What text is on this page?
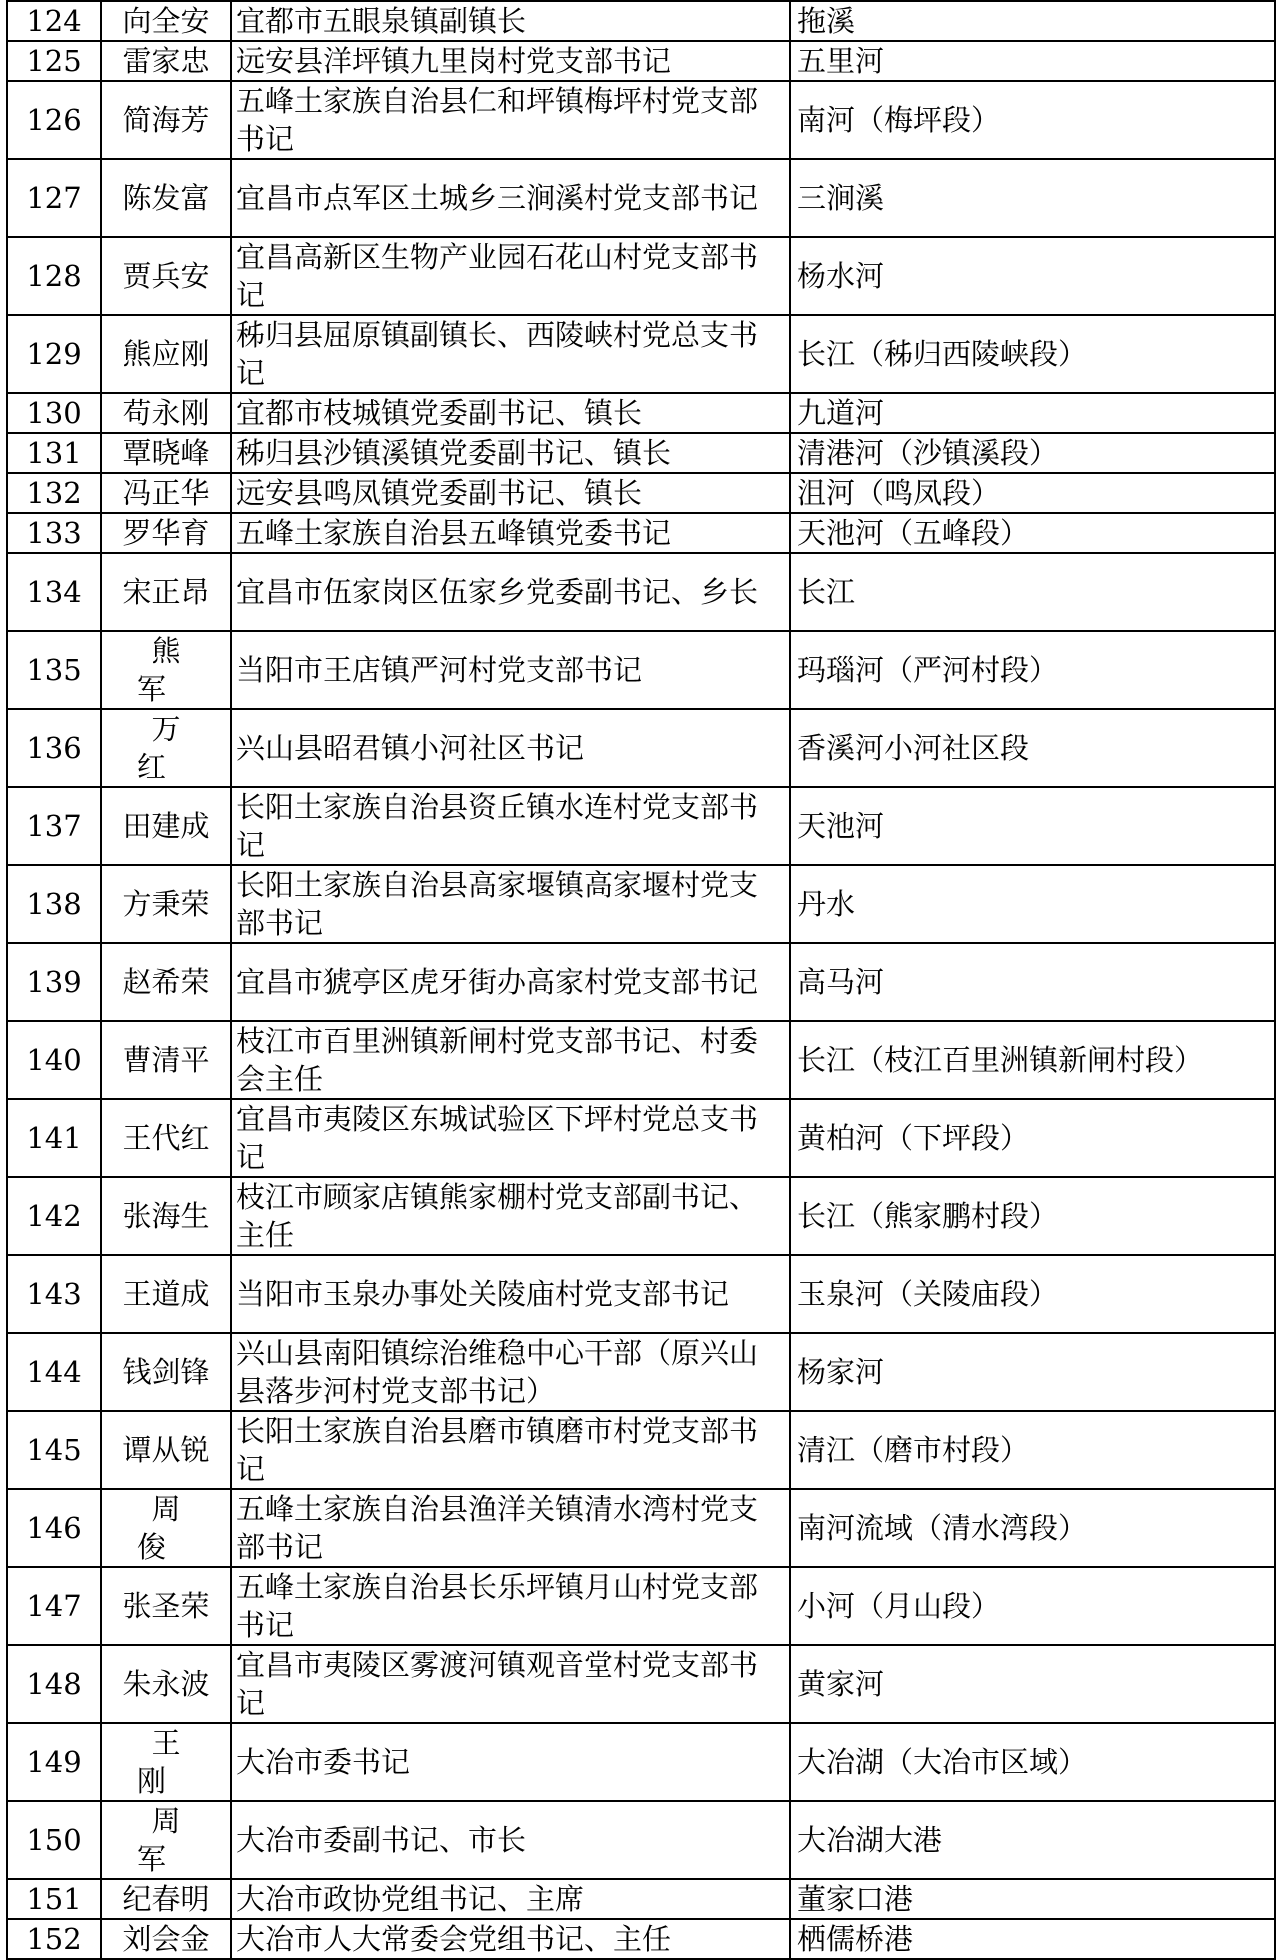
124	向全安	宜都市五眼泉镇副镇长	拖溪
125	雷家忠	远安县洋坪镇九里岗村党支部书记	五里河
126	简海芳	五峰土家族自治县仁和坪镇梅坪村党支部书记	南河（梅坪段）
127	陈发富	宜昌市点军区土城乡三涧溪村党支部书记	三涧溪
128	贾兵安	宜昌高新区生物产业园石花山村党支部书记	杨水河
129	熊应刚	秭归县屈原镇副镇长、西陵峡村党总支书记	长江（秭归西陵峡段）
130	苟永刚	宜都市枝城镇党委副书记、镇长	九道河
131	覃晓峰	秭归县沙镇溪镇党委副书记、镇长	清港河（沙镇溪段）
132	冯正华	远安县鸣凤镇党委副书记、镇长	沮河（鸣凤段）
133	罗华育	五峰土家族自治县五峰镇党委书记	天池河（五峰段）
134	宋正昂	宜昌市伍家岗区伍家乡党委副书记、乡长	长江
135	熊军	当阳市王店镇严河村党支部书记	玛瑙河（严河村段）
136	万红	兴山县昭君镇小河社区书记	香溪河小河社区段
137	田建成	长阳土家族自治县资丘镇水连村党支部书记	天池河
138	方秉荣	长阳土家族自治县高家堰镇高家堰村党支部书记	丹水
139	赵希荣	宜昌市猇亭区虎牙街办高家村党支部书记	高马河
140	曹清平	枝江市百里洲镇新闸村党支部书记、村委会主任	长江（枝江百里洲镇新闸村段）
141	王代红	宜昌市夷陵区东城试验区下坪村党总支书记	黄柏河（下坪段）
142	张海生	枝江市顾家店镇熊家棚村党支部副书记、主任	长江（熊家鹏村段）
143	王道成	当阳市玉泉办事处关陵庙村党支部书记	玉泉河（关陵庙段）
144	钱剑锋	兴山县南阳镇综治维稳中心干部（原兴山县落步河村党支部书记）	杨家河
145	谭从锐	长阳土家族自治县磨市镇磨市村党支部书记	清江（磨市村段）
146	周俊	五峰土家族自治县渔洋关镇清水湾村党支部书记	南河流域（清水湾段）
147	张圣荣	五峰土家族自治县长乐坪镇月山村党支部书记	小河（月山段）
148	朱永波	宜昌市夷陵区雾渡河镇观音堂村党支部书记	黄家河
149	王刚	大冶市委书记	大冶湖（大冶市区域）
150	周军	大冶市委副书记、市长	大冶湖大港
151	纪春明	大冶市政协党组书记、主席	董家口港
152	刘会金	大冶市人大常委会党组书记、主任	栖儒桥港
